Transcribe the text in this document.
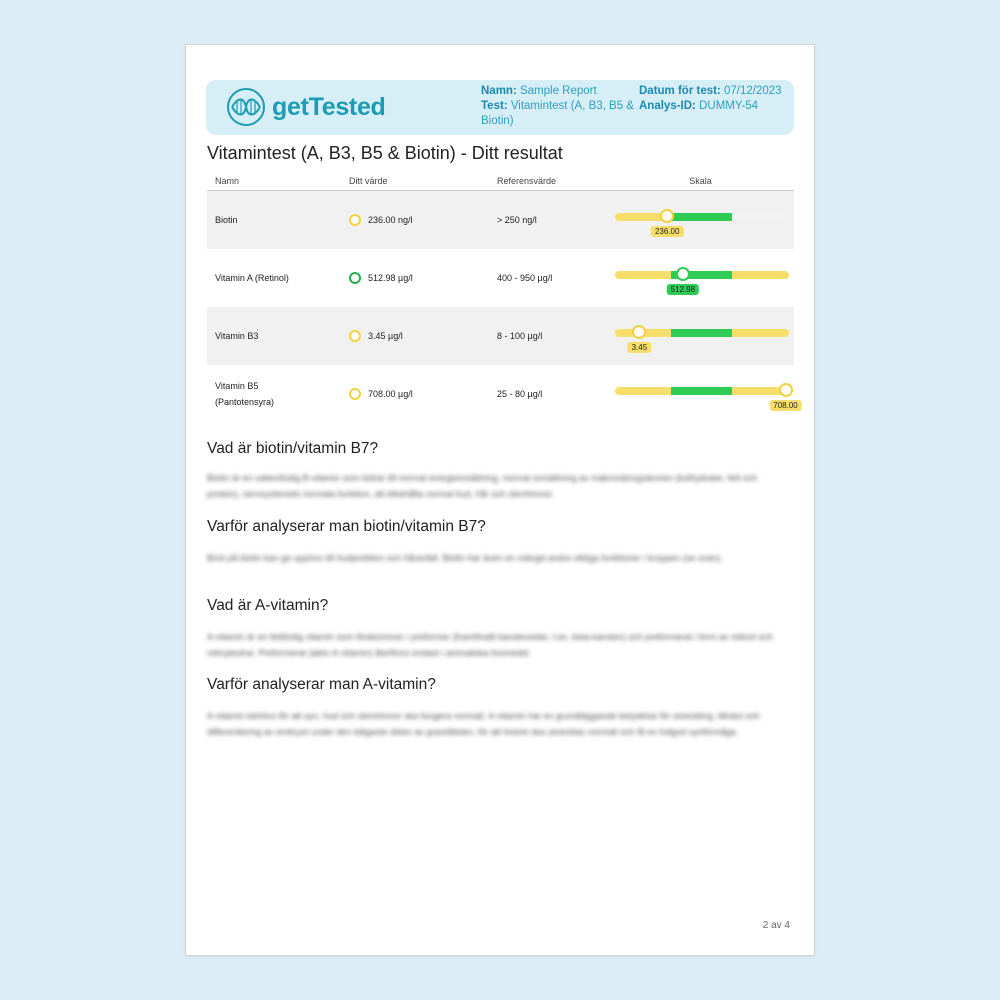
getTested
Namn: Sample Report
Test: Vitamintest (A, B3, B5 &
Biotin)
Datum för test: 07/12/2023
Analys-ID: DUMMY-54
Vitamintest (A, B3, B5 & Biotin) - Ditt resultat
Namn	Ditt värde	Referensvärde	Skala

Biotin	236.00 ng/l	> 250 ng/l	236.00

Vitamin A (Retinol)	512.98 µg/l	400 - 950 µg/l	512.98

Vitamin B3	3.45 µg/l	8 - 100 µg/l	3.45

Vitamin B5
(Pantotensyra)	708.00 µg/l	25 - 80 µg/l	708.00
Vad är biotin/vitamin B7?
Biotin är en vattenlöslig B-vitamin som bidrar till normal energiomsättning, normal omsättning av makronäringsämnen (kolhydrater, fett och protein), nervsystemets normala funktion, att bibehålla normal hud, hår och slemhinnor.
Varför analyserar man biotin/vitamin B7?
Brist på biotin kan ge upphov till hudproblem och håravfall. Biotin har även en mängd andra viktiga funktioner i kroppen (se ovan).
Vad är A-vitamin?
A-vitamin är en fettlöslig vitamin som förekommer i preformer (framförallt karotenoider, t.ex. beta-karoten) och preformerat i form av retinol och retinylestrar. Preformerat (aktiv A-vitamin) återfinns endast i animaliska livsmedel.
Varför analyserar man A-vitamin?
A-vitamin behövs för att syn, hud och slemhinnor ska fungera normalt. A-vitamin har en grundläggande betydelse för utveckling, tillväxt och differentiering av embryot under den tidigaste delen av graviditeten, för att fostret ska utvecklas normalt och få en fullgod synförmåga.
2 av 4
